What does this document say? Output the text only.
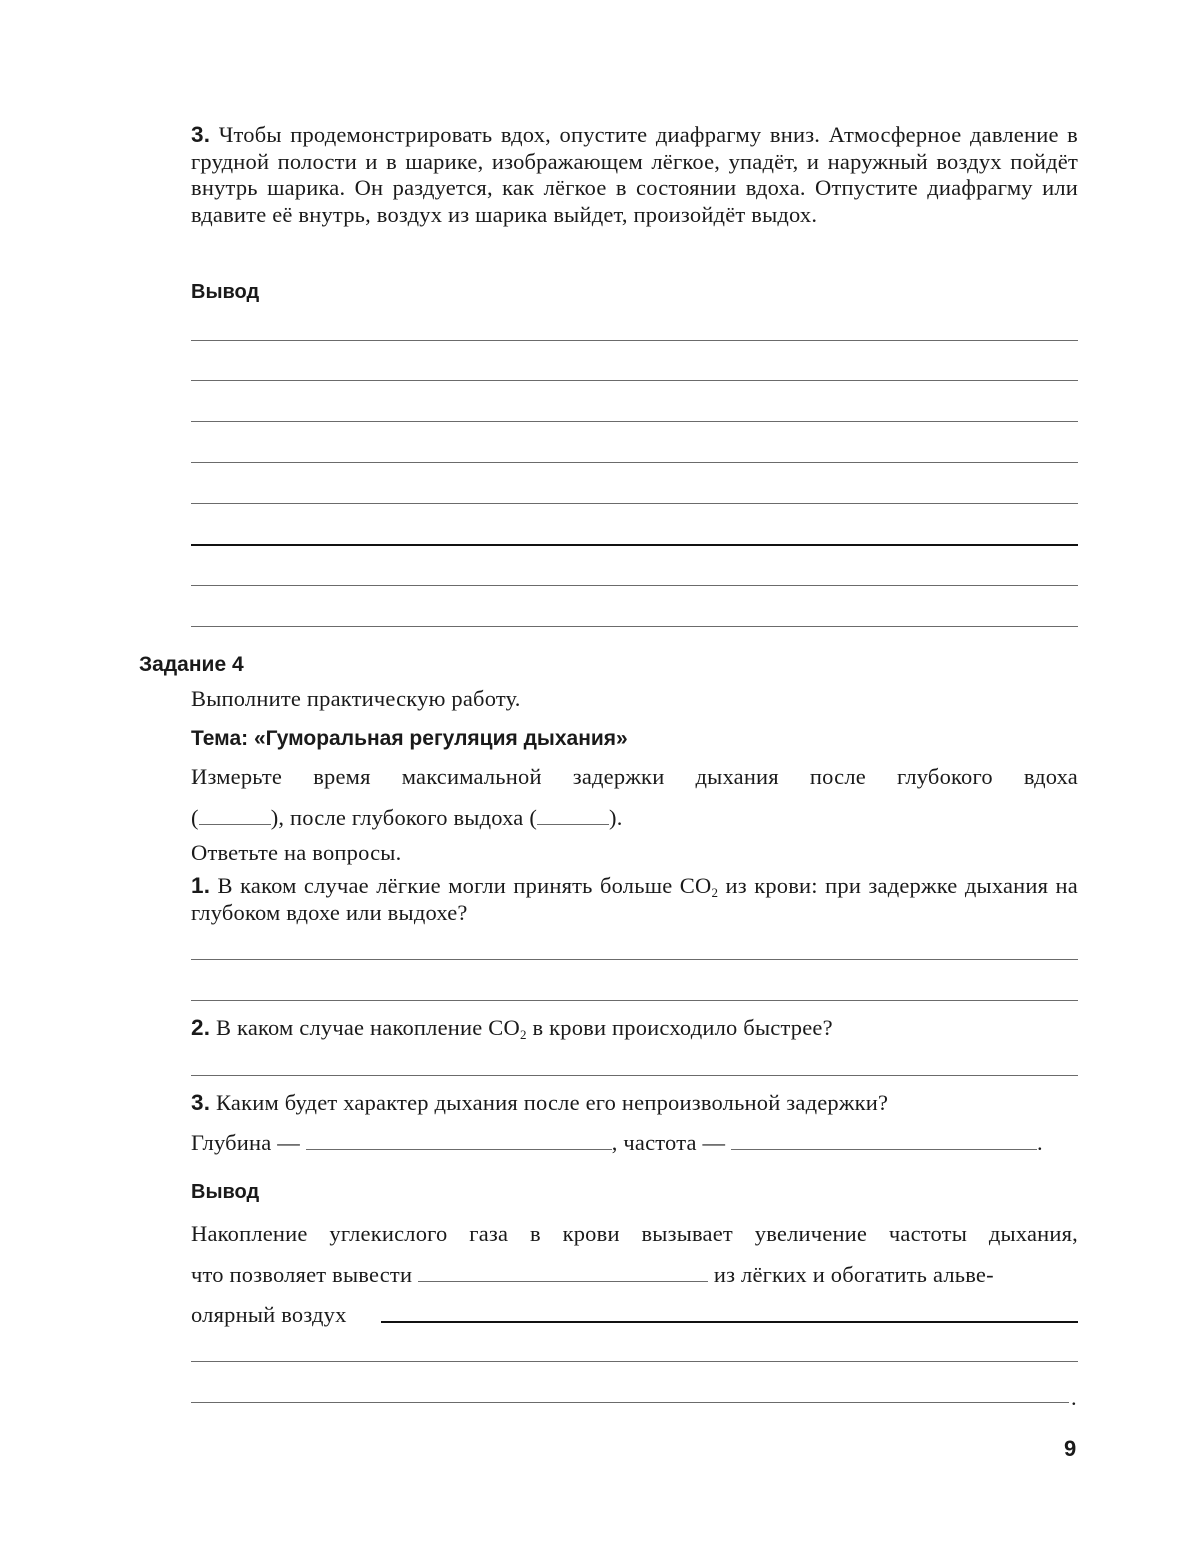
3. Чтобы продемонстрировать вдох, опустите диафрагму вниз. Атмосферное давление в грудной полости и в шарике, изображающем лёгкое, упадёт, и наружный воздух пойдёт внутрь шарика. Он раздуется, как лёгкое в состоянии вдоха. Отпустите диафрагму или вдавите её внутрь, воздух из шарика выйдет, произойдёт выдох.
Вывод
Задание 4
Выполните практическую работу.
Тема: «Гуморальная регуляция дыхания»
Измерьте время максимальной задержки дыхания после глубокого вдоха
(	), после глубокого выдоха (	).
Ответьте на вопросы.
1. В каком случае лёгкие могли принять больше $CO_2$ из крови: при задержке дыхания на глубоком вдохе или выдохе?
2. В каком случае накопление $CO_2$ в крови происходило быстрее?
3. Каким будет характер дыхания после его непроизвольной задержки?
Глубина —	, частота —	.
Вывод
Накопление углекислого газа в крови вызывает увеличение частоты дыхания,
что позволяет вывести	из лёгких и обогатить альве-
олярный воздух
.
9
